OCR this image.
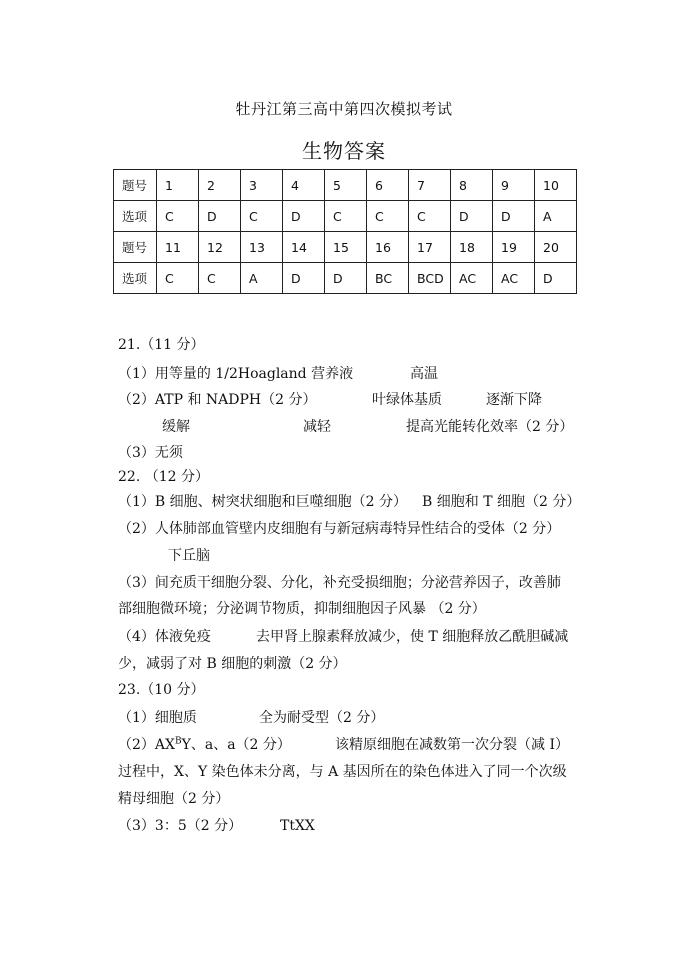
牡丹江第三高中第四次模拟考试
生物答案
题号	1	2	3	4	5	6	7	8	9	10
选项	C	D	C	D	C	C	C	D	D	A
题号	11	12	13	14	15	16	17	18	19	20
选项	C	C	A	D	D	BC	BCD	AC	AC	D
21.（11 分）
（1）用等量的 1/2Hoagland 营养液	高温
（2）ATP 和 NADPH（2 分）	叶绿体基质	逐渐下降
缓解	减轻	提高光能转化效率（2 分）
（3）无须
22. （12 分）
（1）B 细胞、树突状细胞和巨噬细胞（2 分） B 细胞和 T 细胞（2 分）
（2）人体肺部血管壁内皮细胞有与新冠病毒特异性结合的受体（2 分）
下丘脑
（3）间充质干细胞分裂、分化，补充受损细胞；分泌营养因子，改善肺
部细胞微环境；分泌调节物质，抑制细胞因子风暴 （2 分）
（4）体液免疫	去甲肾上腺素释放减少，使 T 细胞释放乙酰胆碱减
少，减弱了对 B 细胞的刺激（2 分）
23.（10 分）
（1）细胞质	全为耐受型（2 分）
$(2)AX^BY$、a、a（2 分）	该精原细胞在减数第一次分裂（减 I）
过程中，X、Y 染色体未分离，与 A 基因所在的染色体进入了同一个次级
精母细胞（2 分）
（3）3：5（2 分）	TtXX
